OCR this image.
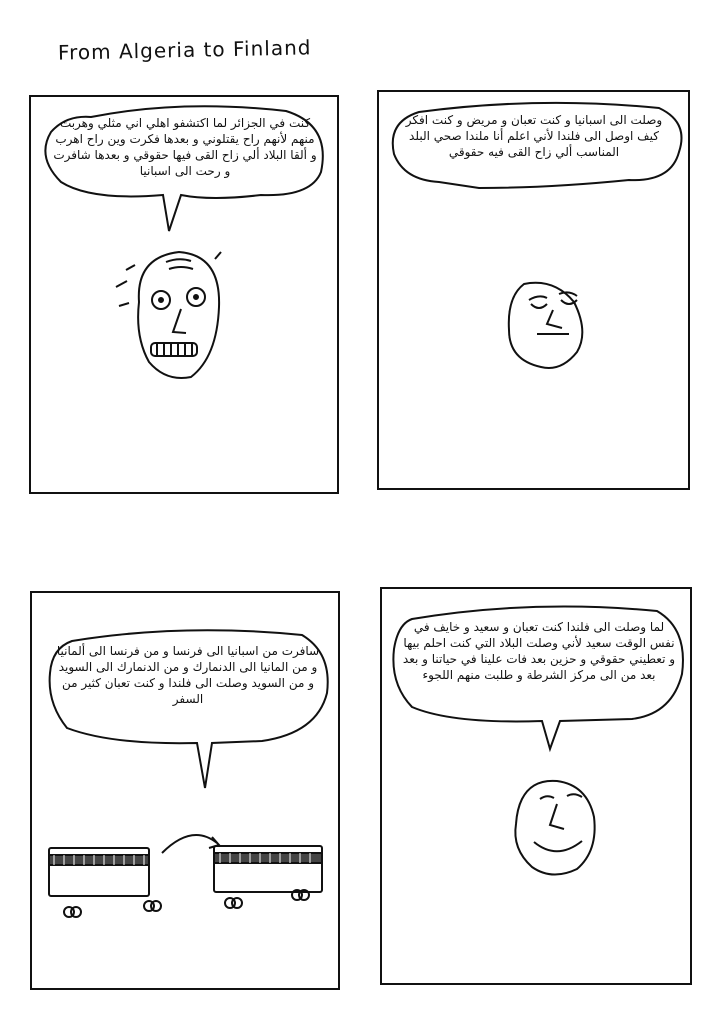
From Algeria to Finland
كنت في الجزائر لما اكتشفو اهلي اني مثلي وهربت منهم لأنهم راح يقتلوني و بعدها فكرت وين راح اهرب و ألقا البلاد ألي زاح القى فيها حقوقي و بعدها شافرت و رحت الى اسبانيا
وصلت الى اسبانيا و كنت تعبان و مريض و كنت افكر كيف اوصل الى فلندا لأني اعلم أنا ملندا صحي البلد المناسب ألي زاح القى فيه حقوقي
سافرت من اسبانيا الى فرنسا و من فرنسا الى ألمانيا و من المانيا الى الدنمارك و من الدنمارك الى السويد و من السويد وصلت الى فلندا و كنت تعبان كثير من السفر
لما وصلت الى فلندا كنت تعبان و سعيد و خايف في نفس الوقت سعيد لأني وصلت البلاد التي كنت احلم بيها و تعطيني حقوقي و حزين بعد فات علينا في حياتنا و بعد بعد من الى مركز الشرطة و طلبت منهم اللجوء
